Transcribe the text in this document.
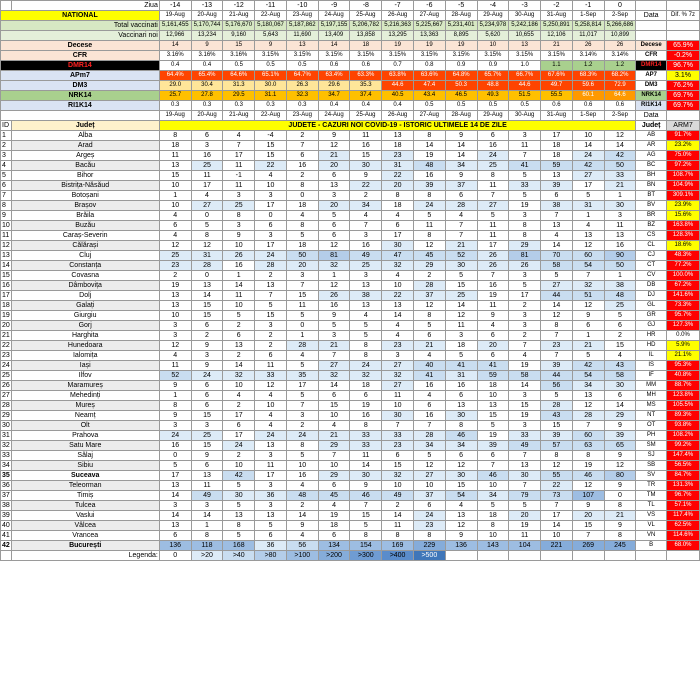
	Ziua	-14	-13	-12	-11	-10	-9	-8	-7	-6	-5	-4	-3	-2	-1	0		
NATIONAL		19-Aug	20-Aug	21-Aug	22-Aug	23-Aug	24-Aug	25-Aug	26-Aug	27-Aug	28-Aug	29-Aug	30-Aug	31-Aug	1-Sep	2-Sep	Data	Dif. % 7z
Total vaccinati		5,161,455	5,170,744	5,176,670	5,180,067	5,187,862	5,197,155	5,206,782	5,216,363	5,225,667	5,231,401	5,234,978	5,242,186	5,250,891	5,258,814	5,266,686		
Vaccinari noi		12,966	13,234	9,160	5,643	11,690	13,409	13,858	13,295	13,363	8,895	5,620	10,655	12,106	11,017	10,899		
Decese		14	9	15	9	13	14	18	19	19	19	10	13	21	26	26	Decese	65.9%
CFR		3.16%	3.16%	3.16%	3.15%	3.15%	3.15%	3.15%	3.15%	3.15%	3.15%	3.15%	3.15%	3.15%	3.14%	3.14%	CFR	-0.2%
DMR14		0.4	0.4	0.5	0.5	0.5	0.6	0.6	0.7	0.8	0.9	0.9	1.0	1.1	1.2	1.2	DMR14	96.7%
APm7		64.4%	65.4%	64.6%	65.1%	64.7%	63.4%	63.3%	63.8%	63.6%	64.8%	65.7%	66.7%	67.6%	68.3%	68.2%	AP7	3.1%
DM3		29.0	30.4	31.3	30.0	26.3	29.6	35.3	44.6	47.4	50.3	48.8	44.6	49.7	59.6	72.9	DM3	76.2%
NRK14		25.7	27.8	29.5	31.1	32.3	34.7	37.4	40.5	43.4	46.5	49.3	51.5	55.5	60.1	64.6	NRK14	69.7%
RI1K14		0.3	0.3	0.3	0.3	0.3	0.4	0.4	0.4	0.5	0.5	0.5	0.5	0.6	0.6	0.6	RI1K14	69.7%
		19-Aug	20-Aug	21-Aug	22-Aug	23-Aug	24-Aug	25-Aug	26-Aug	27-Aug	28-Aug	29-Aug	30-Aug	31-Aug	1-Sep	2-Sep	Data	
ID	Județ	JUDETE - CAZURI NOI COVID-19 - ISTORIC ULTIMELE 14 DE ZILE															Județ	ARM7
1	Alba	8	6	4	-4	2	9	11	13	8	9	6	3	17	10	12	AB	91.7%
2	Arad	18	3	7	15	7	12	16	18	14	14	16	11	18	14	14	AR	23.2%
3	Argeș	11	16	17	15	6	21	15	23	19	14	24	7	18	24	42	AG	75.0%
4	Bacău	13	25	11	22	16	20	30	31	48	34	25	41	59	42	50	BC	97.2%
5	Bihor	15	11	-1	4	2	6	9	22	16	9	8	5	13	27	33	BH	108.7%
6	Bistrița-Năsăud	10	17	11	10	8	13	22	20	39	37	11	33	39	17	21	BN	104.9%
7	Botoșani	1	4	3	3	0	3	2	8	8	6	7	5	6	5	1	BT	309.1%
8	Brașov	10	27	25	17	18	20	34	18	24	28	27	19	38	31	30	BV	23.9%
9	Brăila	4	0	8	0	4	5	4	4	5	4	5	3	7	1	3	BR	15.6%
10	Buzău	6	5	3	6	8	6	7	6	11	7	11	8	13	4	11	BZ	163.8%
11	Caraș-Severin	4	8	9	3	5	6	3	17	8	7	11	8	4	13	13	CS	128.3%
12	Călărași	12	12	10	17	18	12	16	30	12	21	17	29	14	12	16	CL	18.6%
13	Cluj	25	31	26	24	50	81	49	47	45	52	26	81	70	60	90	CJ	48.3%
14	Constanța	23	28	16	28	20	32	25	32	29	30	26	26	58	54	50	CT	77.2%
15	Covasna	2	0	1	2	3	1	3	4	2	5	7	3	5	7	1	CV	100.0%
16	Dâmbovița	19	13	14	13	7	12	13	10	28	15	16	5	27	32	38	DB	67.2%
17	Dolj	13	14	11	7	15	26	38	22	37	25	19	17	44	51	48	DJ	141.6%
18	Galați	13	15	10	5	11	16	13	13	12	14	11	2	14	12	25	GL	73.3%
19	Giurgiu	10	15	5	15	5	9	4	14	8	12	9	3	12	9	5	GR	95.7%
20	Gorj	3	6	2	3	0	5	5	4	5	11	4	3	8	6	6	GJ	127.3%
21	Harghita	3	2	6	2	1	3	5	4	6	3	6	2	7	1	2	HR	0.0%
22	Hunedoara	12	9	13	2	28	21	8	23	21	18	20	7	23	21	15	HD	5.9%
23	Ialomița	4	3	2	6	4	7	8	3	4	5	6	4	7	5	4	IL	21.1%
24	Iași	11	9	14	11	5	27	24	27	40	41	41	19	39	42	43	IS	95.3%
25	Ilfov	52	24	32	33	35	32	32	32	41	31	59	58	44	54	58	IF	40.8%
26	Maramureș	9	6	10	12	17	14	18	27	16	16	18	14	56	34	30	MM	88.7%
27	Mehedinți	1	6	4	4	5	6	6	11	4	6	10	3	5	13	6	MH	123.8%
28	Mureș	8	6	2	10	7	15	19	10	6	13	13	15	28	12	14	MS	105.5%
29	Neamț	9	15	17	4	3	10	16	30	16	30	15	19	43	28	29	NT	89.3%
30	Olt	3	3	6	4	2	4	8	7	7	8	5	3	15	7	9	OT	93.8%
31	Prahova	24	25	17	24	24	21	33	33	28	46	19	33	39	60	39	PH	108.2%
32	Satu Mare	16	15	24	13	8	29	33	23	34	34	39	49	57	63	65	SM	99.2%
33	Sălaj	0	9	2	3	5	7	11	6	5	6	6	7	8	8	9	SJ	147.4%
34	Sibiu	5	6	10	11	10	10	14	15	12	12	7	13	12	19	12	SB	56.5%
35	Suceava	17	13	42	17	16	29	30	32	27	30	46	30	55	46	80	SV	84.7%
36	Teleorman	13	11	5	3	4	6	9	10	10	15	10	7	22	12	9	TR	131.3%
37	Timiș	14	49	30	36	48	45	46	49	37	54	34	79	73	107	0	TM	96.7%
38	Tulcea	3	3	5	3	2	4	7	2	6	4	5	5	7	9	8	TL	57.1%
39	Vaslui	14	14	13	13	14	19	15	14	24	13	18	20	17	20	21	VS	117.4%
40	Vâlcea	13	1	8	5	9	18	5	11	23	12	8	19	14	15	9	VL	62.5%
41	Vrancea	6	8	5	6	4	6	8	8	8	9	10	11	10	7	8	VN	114.6%
42	București	136	118	168	36	56	134	154	169	229	136	143	104	221	269	245	B	68.0%
	Legenda:	0	>20	>40	>80	>100	>200	>300	>400	>500								
